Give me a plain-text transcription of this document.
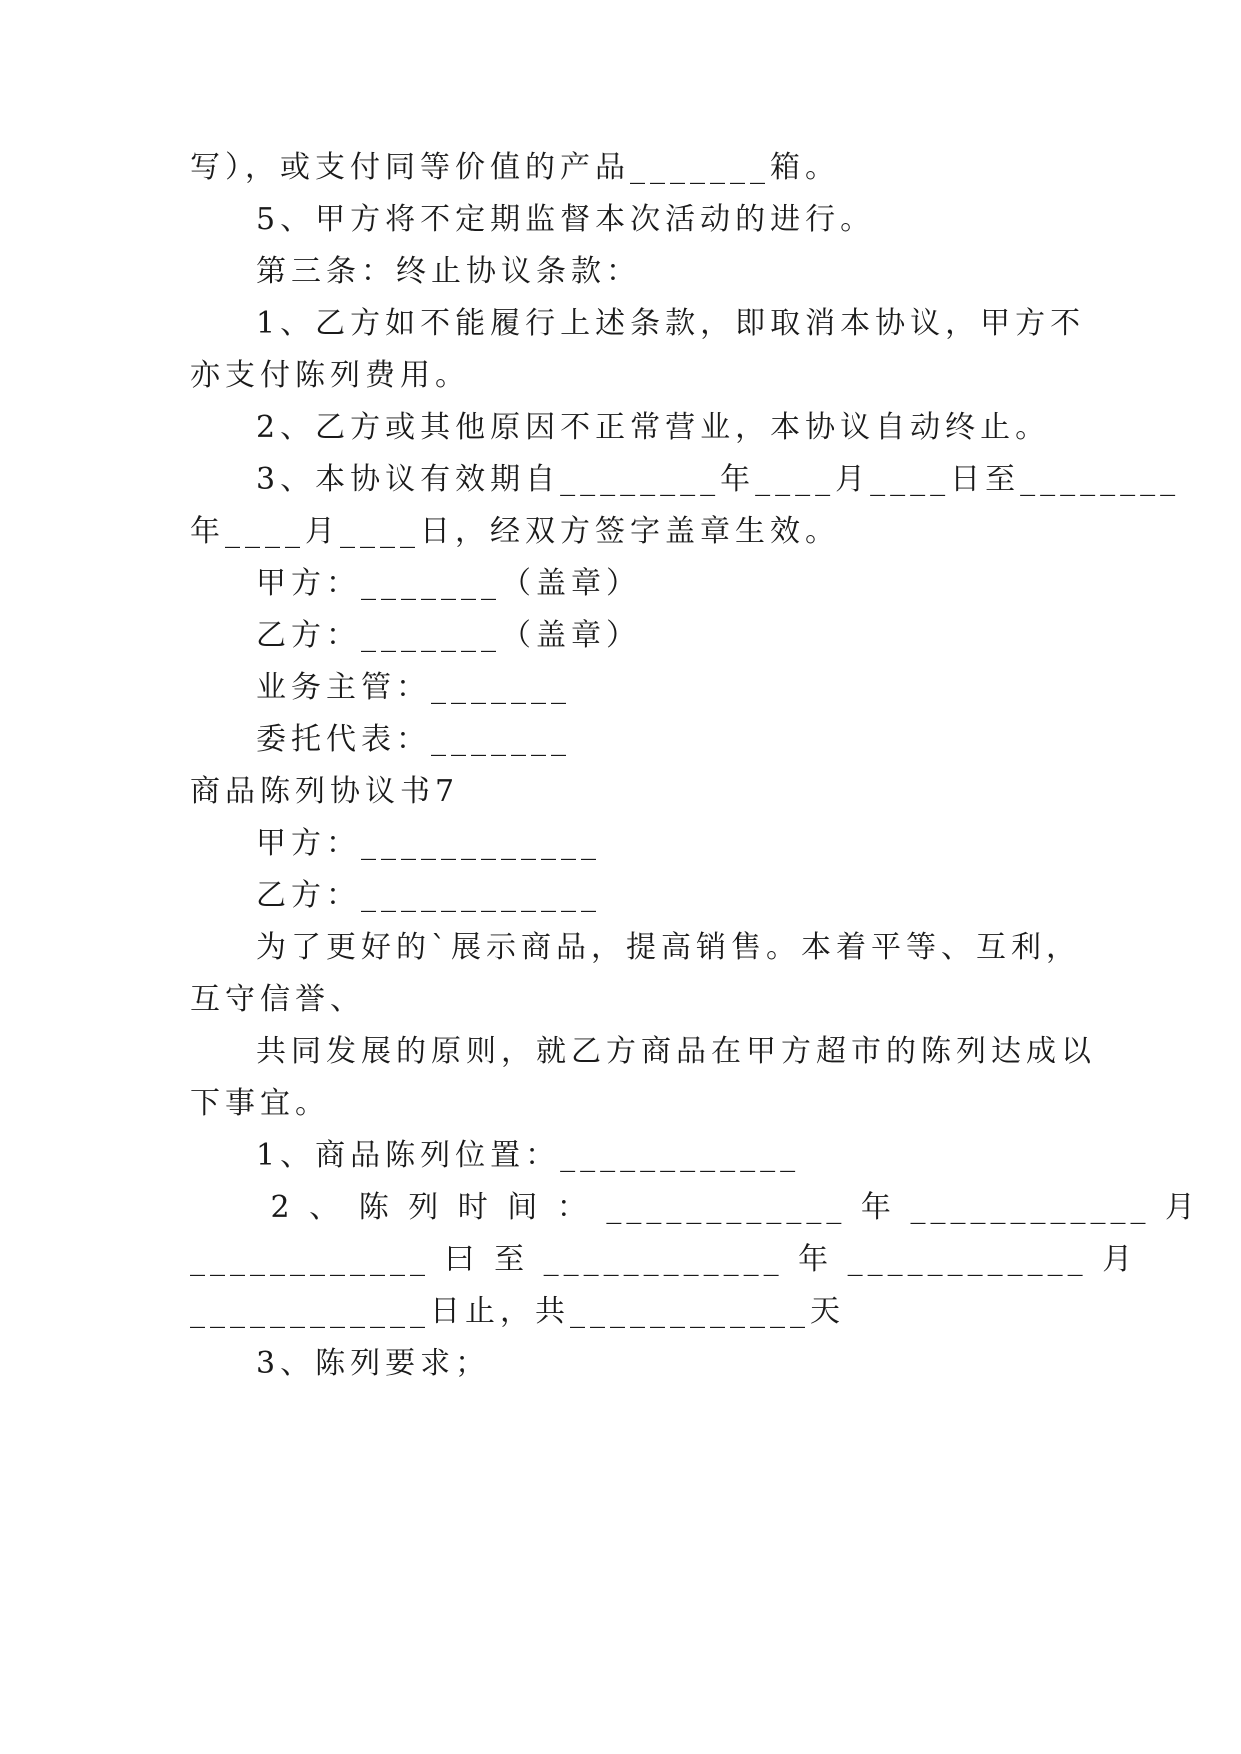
写），或支付同等价值的产品_______箱。

5、甲方将不定期监督本次活动的进行。

第三条：终止协议条款：

1、乙方如不能履行上述条款，即取消本协议，甲方不

亦支付陈列费用。

2、乙方或其他原因不正常营业，本协议自动终止。

3、本协议有效期自________年____月____日至________

年____月____日，经双方签字盖章生效。

甲方：_______（盖章）

乙方：_______（盖章）

业务主管：_______

委托代表：_______

商品陈列协议书7

甲方：____________

乙方：____________

为了更好的`展示商品，提高销售。本着平等、互利，

互守信誉、

共同发展的原则，就乙方商品在甲方超市的陈列达成以

下事宜。

1、商品陈列位置：____________

2 、 陈 列 时 间 ： ____________ 年 ____________ 月

____________ 曰 至 ____________ 年 ____________ 月

____________日止，共____________天

3、陈列要求；
